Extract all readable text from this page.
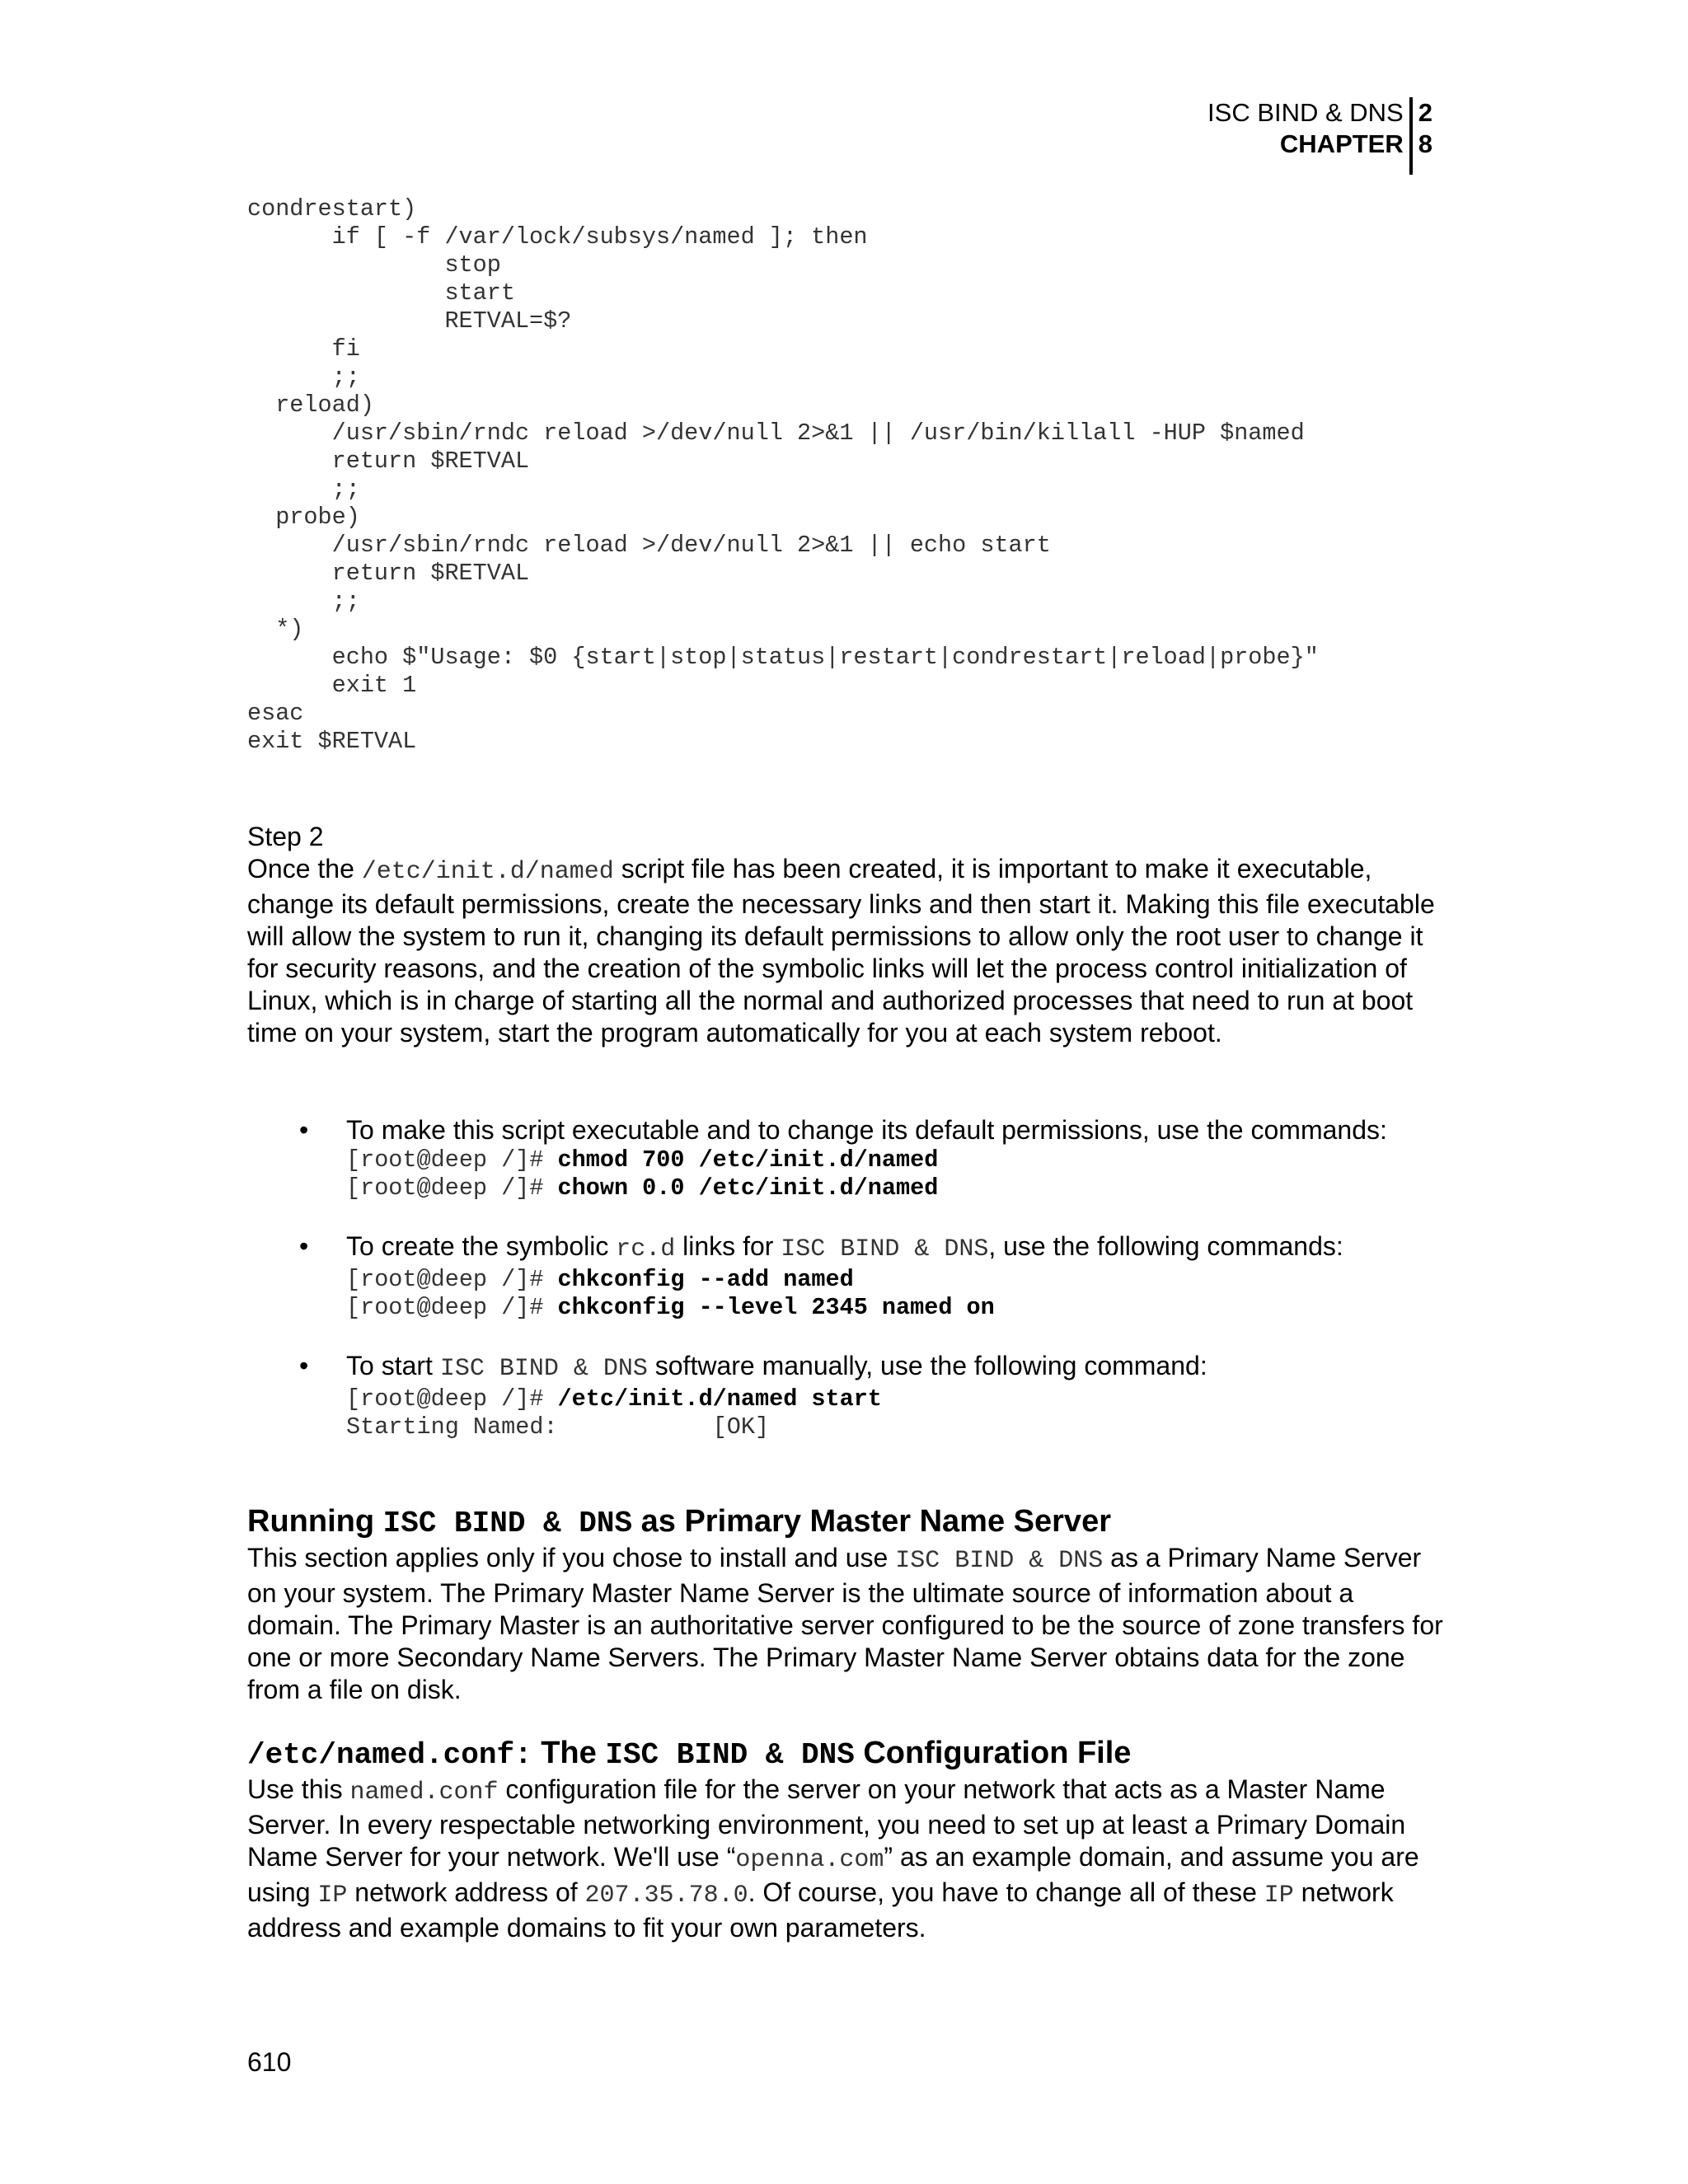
ISC BIND & DNS
CHAPTER
2
8
condrestart)
if [ -f /var/lock/subsys/named ]; then
stop
start
RETVAL=$?
fi
;;
reload)
/usr/sbin/rndc reload >/dev/null 2>&1 || /usr/bin/killall -HUP $named
return $RETVAL
;;
probe)
/usr/sbin/rndc reload >/dev/null 2>&1 || echo start
return $RETVAL
;;
*)
echo $"Usage: $0 {start|stop|status|restart|condrestart|reload|probe}"
exit 1
esac
exit $RETVAL
Step 2
Once the /etc/init.d/named script file has been created, it is important to make it executable, change its default permissions, create the necessary links and then start it. Making this file executable will allow the system to run it, changing its default permissions to allow only the root user to change it for security reasons, and the creation of the symbolic links will let the process control initialization of Linux, which is in charge of starting all the normal and authorized processes that need to run at boot time on your system, start the program automatically for you at each system reboot.
• To make this script executable and to change its default permissions, use the commands:
[root@deep /]# chmod 700 /etc/init.d/named
[root@deep /]# chown 0.0 /etc/init.d/named
• To create the symbolic rc.d links for ISC BIND & DNS, use the following commands:
[root@deep /]# chkconfig --add named
[root@deep /]# chkconfig --level 2345 named on
• To start ISC BIND & DNS software manually, use the following command:
[root@deep /]# /etc/init.d/named start
Starting Named:           [OK]
Running ISC BIND & DNS as Primary Master Name Server
This section applies only if you chose to install and use ISC BIND & DNS as a Primary Name Server on your system. The Primary Master Name Server is the ultimate source of information about a domain. The Primary Master is an authoritative server configured to be the source of zone transfers for one or more Secondary Name Servers. The Primary Master Name Server obtains data for the zone from a file on disk.
/etc/named.conf: The ISC BIND & DNS Configuration File
Use this named.conf configuration file for the server on your network that acts as a Master Name Server. In every respectable networking environment, you need to set up at least a Primary Domain Name Server for your network. We'll use “openna.com” as an example domain, and assume you are using IP network address of 207.35.78.0. Of course, you have to change all of these IP network address and example domains to fit your own parameters.
610
